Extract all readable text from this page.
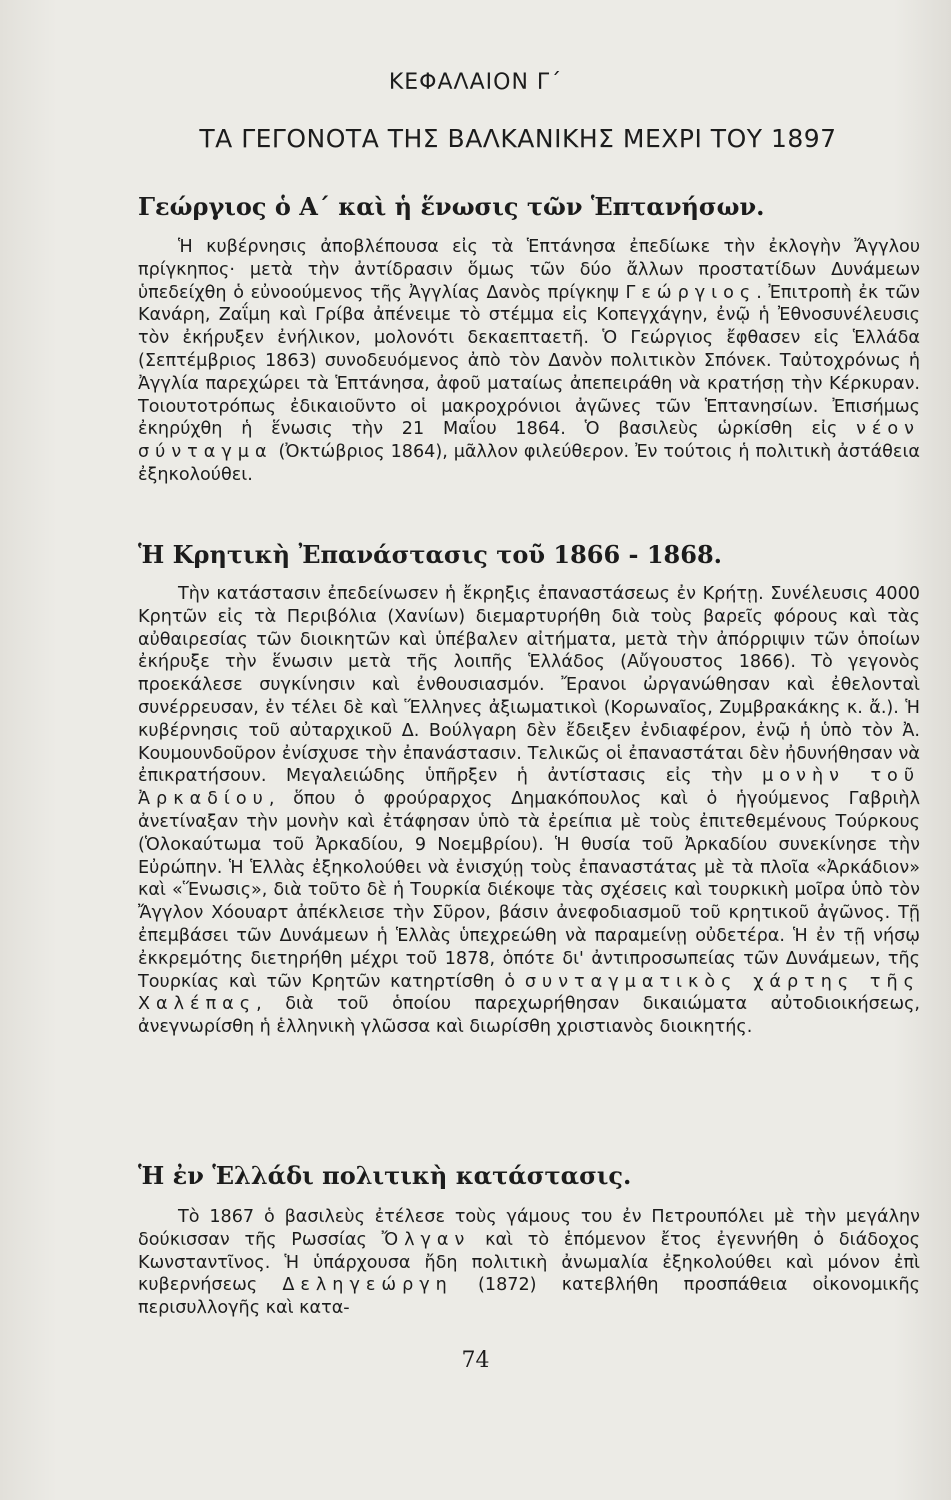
ΚΕΦΑΛΑΙΟΝ Γ΄
ΤΑ ΓΕΓΟΝΟΤΑ ΤΗΣ ΒΑΛΚΑΝΙΚΗΣ ΜΕΧΡΙ ΤΟΥ 1897
Γεώργιος ὁ Α΄ καὶ ἡ ἕνωσις τῶν Ἑπτανήσων.

Ἡ κυβέρνησις ἀποβλέπουσα εἰς τὰ Ἑπτάνησα ἐπεδίωκε τὴν ἐκλογὴν Ἄγγλου πρίγκηπος· μετὰ τὴν ἀντίδρασιν ὅμως τῶν δύο ἄλλων προστατίδων Δυνάμεων ὑπεδείχθη ὁ εὐνοούμενος τῆς Ἀγγλίας Δανὸς πρίγκηψ Γεώργιος. Ἐπιτροπὴ ἐκ τῶν Κανάρη, Ζαΐμη καὶ Γρίβα ἀπένειμε τὸ στέμμα εἰς Κοπεγχάγην, ἐνῷ ἡ Ἐθνοσυνέλευσις τὸν ἐκήρυξεν ἐνήλικον, μολονότι δεκαεπταετῆ. Ὁ Γεώργιος ἔφθασεν εἰς Ἑλλάδα (Σεπτέμβριος 1863) συνοδευόμενος ἀπὸ τὸν Δανὸν πολιτικὸν Σπόνεκ. Ταὐτοχρόνως ἡ Ἀγγλία παρεχώρει τὰ Ἑπτάνησα, ἀφοῦ ματαίως ἀπεπειράθη νὰ κρατήσῃ τὴν Κέρκυραν. Τοιουτοτρόπως ἐδικαιοῦντο οἱ μακροχρόνιοι ἀγῶνες τῶν Ἑπτανησίων. Ἐπισήμως ἐκηρύχθη ἡ ἕνωσις τὴν 21 Μαΐου 1864. Ὁ βασιλεὺς ὡρκίσθη εἰς νέον σύνταγμα (Ὀκτώβριος 1864), μᾶλλον φιλεύθερον. Ἐν τούτοις ἡ πολιτικὴ ἀστάθεια ἐξηκολούθει.

Ἡ Κρητικὴ Ἐπανάστασις τοῦ 1866 - 1868.

Τὴν κατάστασιν ἐπεδείνωσεν ἡ ἔκρηξις ἐπαναστάσεως ἐν Κρήτῃ. Συνέλευσις 4000 Κρητῶν εἰς τὰ Περιβόλια (Χανίων) διεμαρτυρήθη διὰ τοὺς βαρεῖς φόρους καὶ τὰς αὐθαιρεσίας τῶν διοικητῶν καὶ ὑπέβαλεν αἰτήματα, μετὰ τὴν ἀπόρριψιν τῶν ὁποίων ἐκήρυξε τὴν ἕνωσιν μετὰ τῆς λοιπῆς Ἑλλάδος (Αὔγουστος 1866). Τὸ γεγονὸς προεκάλεσε συγκίνησιν καὶ ἐνθουσιασμόν. Ἔρανοι ὠργανώθησαν καὶ ἐθελονταὶ συνέρρευσαν, ἐν τέλει δὲ καὶ Ἕλληνες ἀξιωματικοὶ (Κορωναῖος, Ζυμβρακάκης κ. ἄ.). Ἡ κυβέρνησις τοῦ αὐταρχικοῦ Δ. Βούλγαρη δὲν ἔδειξεν ἐνδιαφέρον, ἐνῷ ἡ ὑπὸ τὸν Ἀ. Κουμουνδοῦρον ἐνίσχυσε τὴν ἐπανάστασιν. Τελικῶς οἱ ἐπαναστάται δὲν ἠδυνήθησαν νὰ ἐπικρατήσουν. Μεγαλειώδης ὑπῆρξεν ἡ ἀντίστασις εἰς τὴν μονὴν τοῦ Ἀρκαδίου, ὅπου ὁ φρούραρχος Δημακόπουλος καὶ ὁ ἡγούμενος Γαβριὴλ ἀνετίναξαν τὴν μονὴν καὶ ἐτάφησαν ὑπὸ τὰ ἐρείπια μὲ τοὺς ἐπιτεθεμένους Τούρκους (Ὁλοκαύτωμα τοῦ Ἀρκαδίου, 9 Νοεμβρίου). Ἡ θυσία τοῦ Ἀρκαδίου συνεκίνησε τὴν Εὐρώπην. Ἡ Ἑλλὰς ἐξηκολούθει νὰ ἐνισχύῃ τοὺς ἐπαναστάτας μὲ τὰ πλοῖα «Ἀρκάδιον» καὶ «Ἕνωσις», διὰ τοῦτο δὲ ἡ Τουρκία διέκοψε τὰς σχέσεις καὶ τουρκικὴ μοῖρα ὑπὸ τὸν Ἄγγλον Χόουαρτ ἀπέκλεισε τὴν Σῦρον, βάσιν ἀνεφοδιασμοῦ τοῦ κρητικοῦ ἀγῶνος. Τῇ ἐπεμβάσει τῶν Δυνάμεων ἡ Ἑλλὰς ὑπεχρεώθη νὰ παραμείνῃ οὐδετέρα. Ἡ ἐν τῇ νήσῳ ἐκκρεμότης διετηρήθη μέχρι τοῦ 1878, ὁπότε δι' ἀντιπροσωπείας τῶν Δυνάμεων, τῆς Τουρκίας καὶ τῶν Κρητῶν κατηρτίσθη ὁ συνταγματικὸς χάρτης τῆς Χαλέπας, διὰ τοῦ ὁποίου παρεχωρήθησαν δικαιώματα αὐτοδιοικήσεως, ἀνεγνωρίσθη ἡ ἑλληνικὴ γλῶσσα καὶ διωρίσθη χριστιανὸς διοικητής.

Ἡ ἐν Ἑλλάδι πολιτικὴ κατάστασις.

Τὸ 1867 ὁ βασιλεὺς ἐτέλεσε τοὺς γάμους του ἐν Πετρουπόλει μὲ τὴν μεγάλην δούκισσαν τῆς Ρωσσίας Ὄλγαν καὶ τὸ ἑπόμενον ἔτος ἐγεννήθη ὁ διάδοχος Κωνσταντῖνος. Ἡ ὑπάρχουσα ἤδη πολιτικὴ ἀνωμαλία ἐξηκολούθει καὶ μόνον ἐπὶ κυβερνήσεως Δεληγεώργη (1872) κατεβλήθη προσπάθεια οἰκονομικῆς περισυλλογῆς καὶ κατα-

74
